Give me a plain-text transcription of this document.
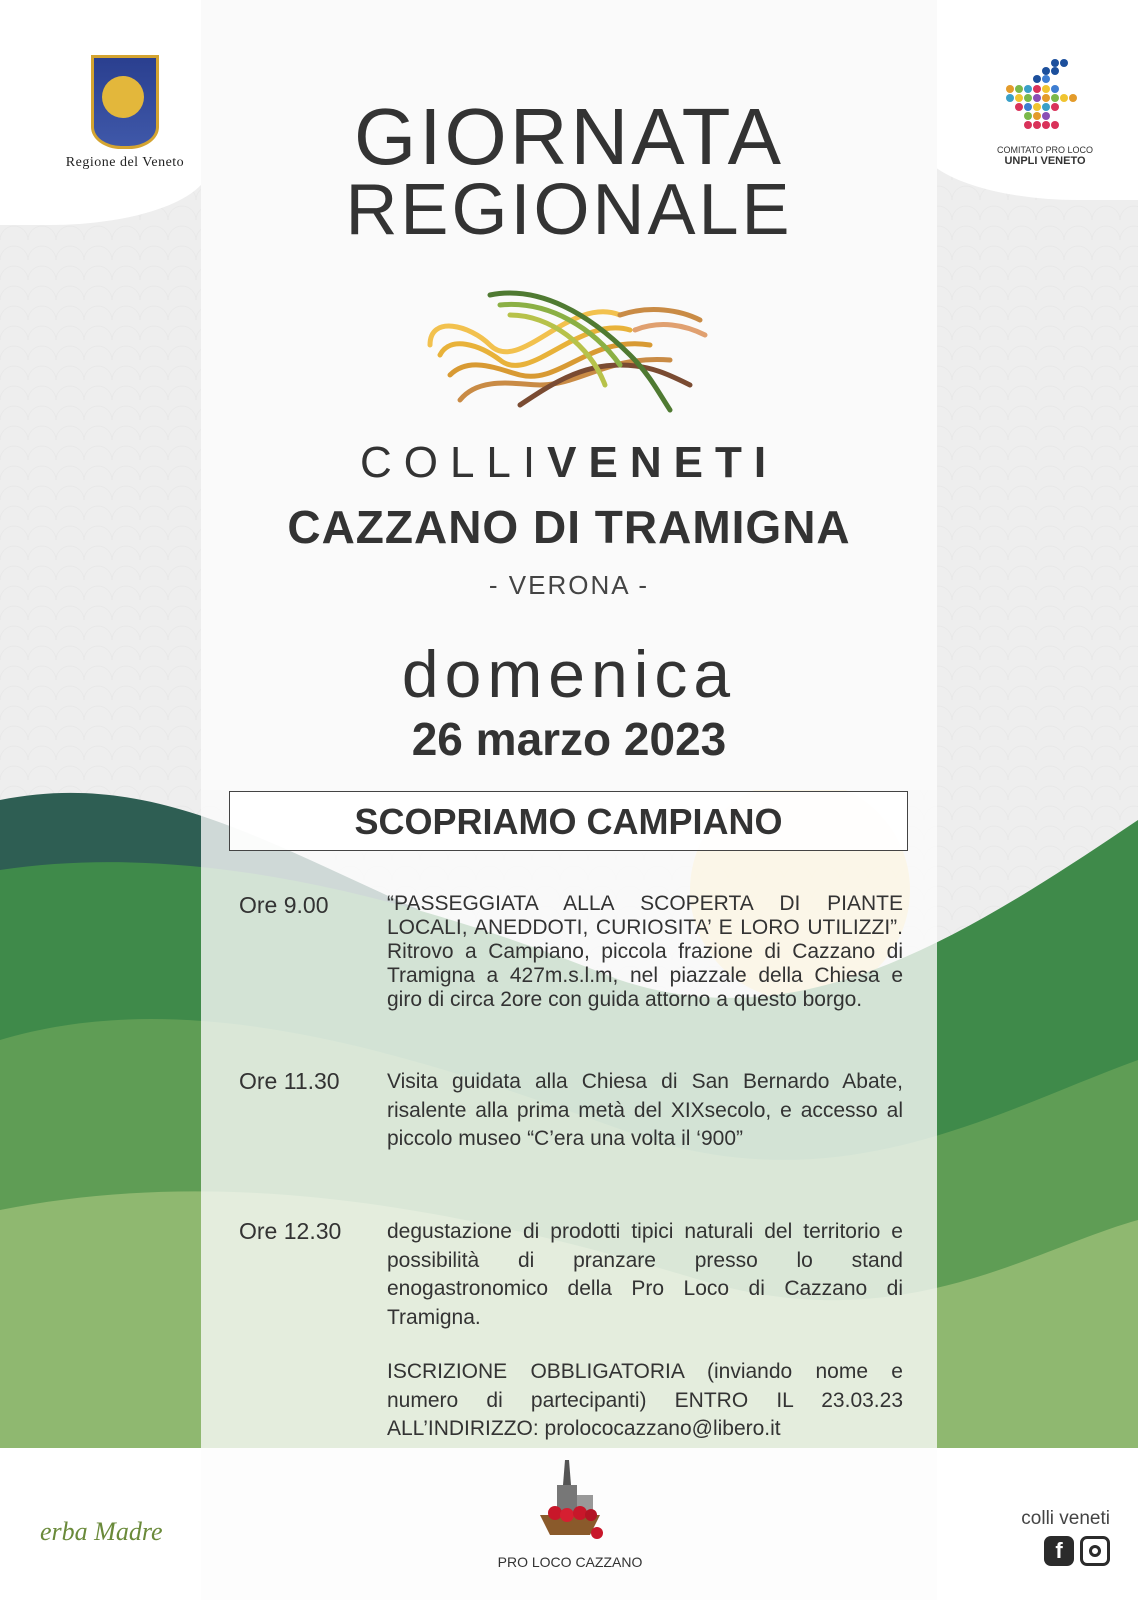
Regione del Veneto
COMITATO PRO LOCO
UNPLI VENETO
GIORNATA
REGIONALE
COLLIVENETI
CAZZANO DI TRAMIGNA
- VERONA -
domenica
26 marzo 2023
SCOPRIAMO CAMPIANO
Ore 9.00	“PASSEGGIATA ALLA SCOPERTA DI PIANTE LOCALI, ANEDDOTI, CURIOSITA’ E LORO UTILIZZI”. Ritrovo a Campiano, piccola frazione di Cazzano di Tramigna a 427m.s.l.m, nel piazzale della Chiesa e giro di circa 2ore con guida attorno a questo borgo.
Ore 11.30 Visita guidata alla Chiesa di San Bernardo Abate, risalente alla prima metà del XIXsecolo, e accesso al piccolo museo “C’era una volta il ‘900”
Ore 12.30 degustazione di prodotti tipici naturali del territorio e possibilità di pranzare presso lo stand enogastronomico della Pro Loco di Cazzano di Tramigna.
ISCRIZIONE OBBLIGATORIA (inviando nome e numero di partecipanti) ENTRO IL 23.03.23 ALL’INDIRIZZO: prolococazzano@libero.it
erba Madre
PRO LOCO CAZZANO
colli veneti
f
